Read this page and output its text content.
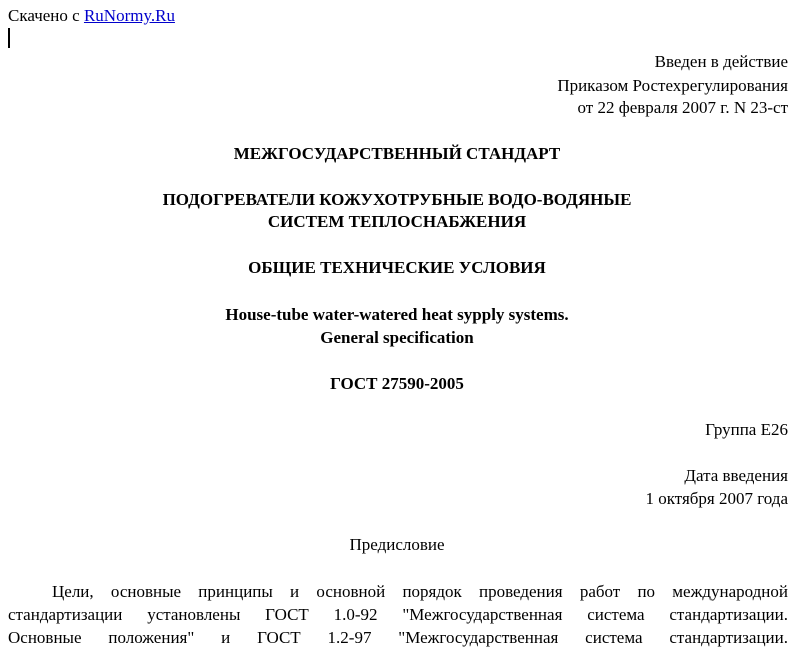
Скачено с RuNormy.Ru
Введен в действие
Приказом Ростехрегулирования
от 22 февраля 2007 г. N 23-ст
МЕЖГОСУДАРСТВЕННЫЙ СТАНДАРТ
ПОДОГРЕВАТЕЛИ КОЖУХОТРУБНЫЕ ВОДО-ВОДЯНЫЕ
СИСТЕМ ТЕПЛОСНАБЖЕНИЯ
ОБЩИЕ ТЕХНИЧЕСКИЕ УСЛОВИЯ
House-tube water-watered heat sypply systems.
General specification
ГОСТ 27590-2005
Группа Е26
Дата введения
1 октября 2007 года
Предисловие
Цели, основные принципы и основной порядок проведения работ по международной
стандартизации установлены ГОСТ 1.0-92 "Межгосударственная система стандартизации.
Основные положения" и ГОСТ 1.2-97 "Межгосударственная система стандартизации.
